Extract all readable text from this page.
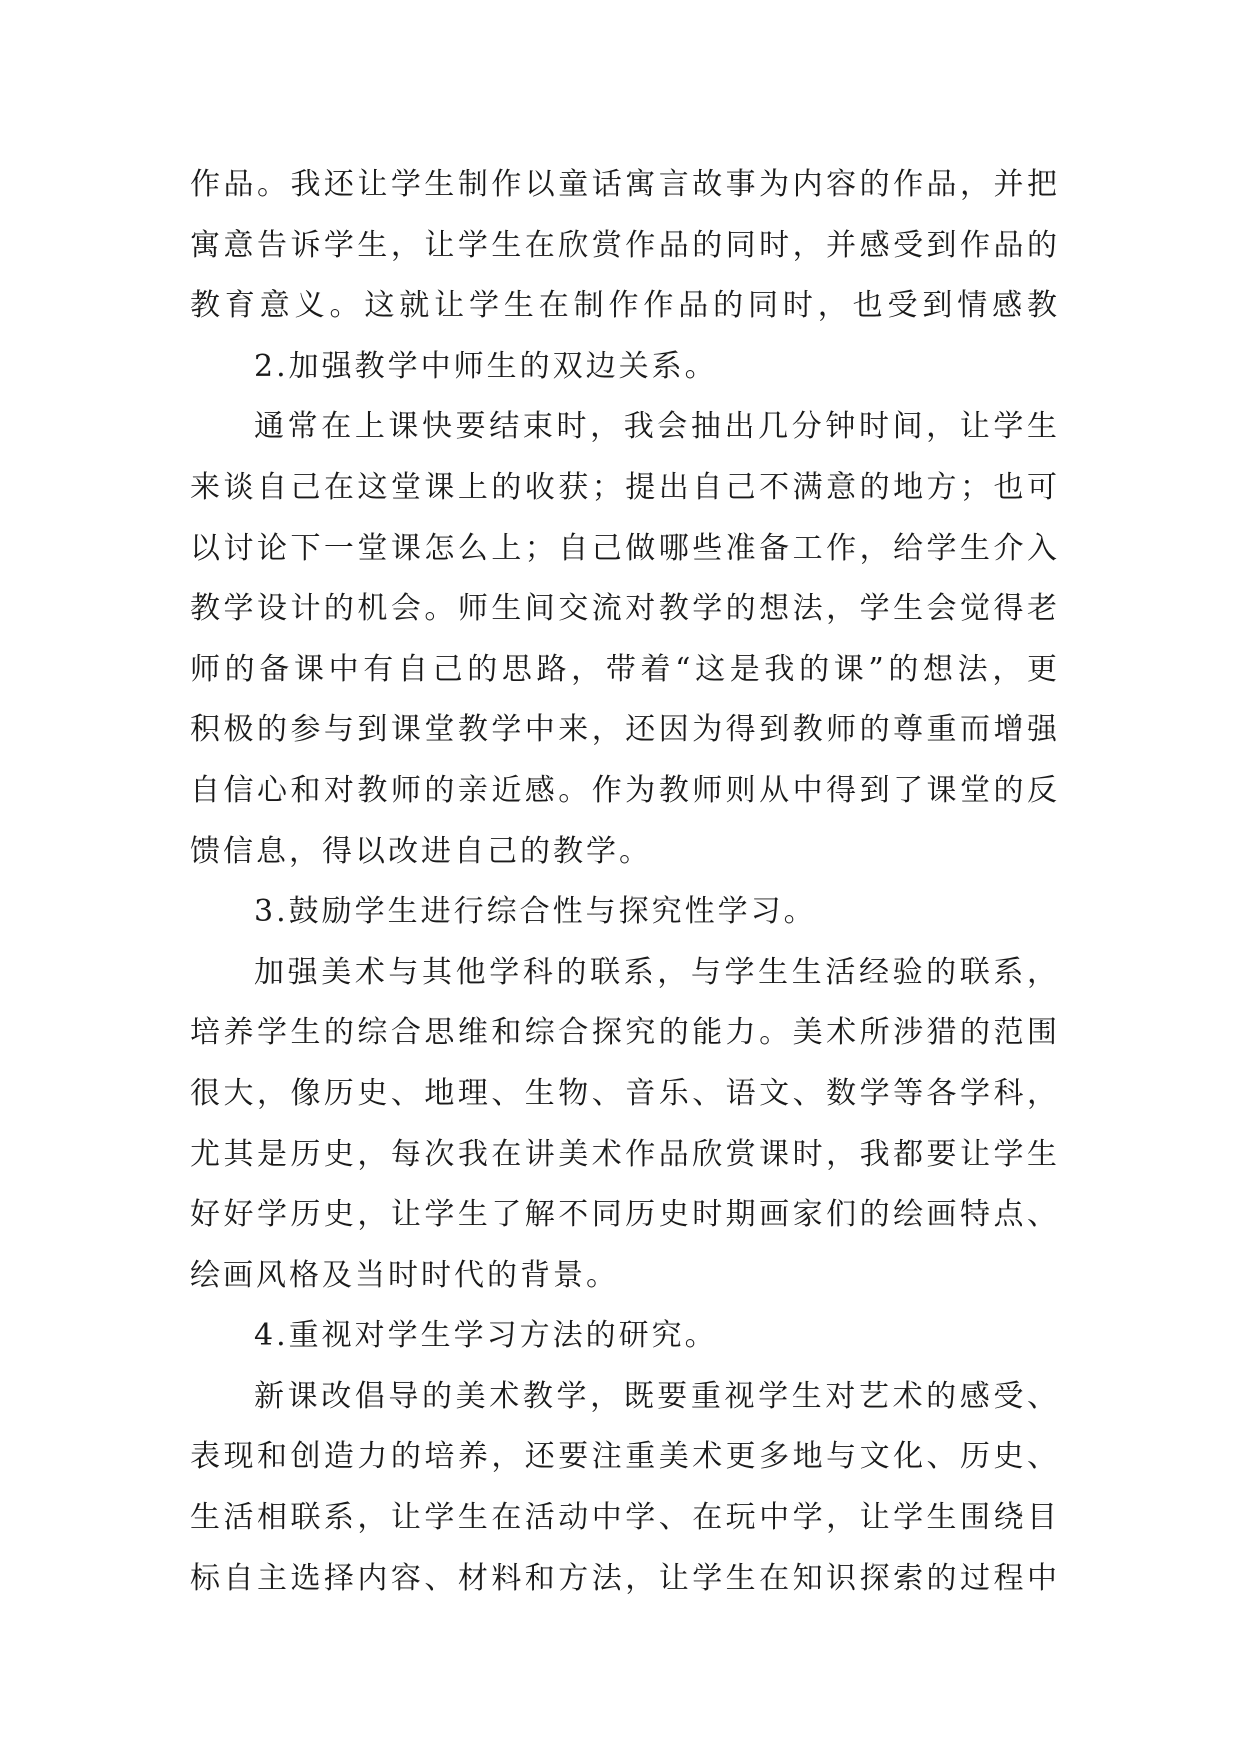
作品。我还让学生制作以童话寓言故事为内容的作品，并把
寓意告诉学生，让学生在欣赏作品的同时，并感受到作品的
教育意义。这就让学生在制作作品的同时，也受到情感教
2.加强教学中师生的双边关系。
通常在上课快要结束时，我会抽出几分钟时间，让学生
来谈自己在这堂课上的收获；提出自己不满意的地方；也可
以讨论下一堂课怎么上；自己做哪些准备工作，给学生介入
教学设计的机会。师生间交流对教学的想法，学生会觉得老
师的备课中有自己的思路，带着“这是我的课”的想法，更
积极的参与到课堂教学中来，还因为得到教师的尊重而增强
自信心和对教师的亲近感。作为教师则从中得到了课堂的反
馈信息，得以改进自己的教学。
3.鼓励学生进行综合性与探究性学习。
加强美术与其他学科的联系，与学生生活经验的联系，
培养学生的综合思维和综合探究的能力。美术所涉猎的范围
很大，像历史、地理、生物、音乐、语文、数学等各学科，
尤其是历史，每次我在讲美术作品欣赏课时，我都要让学生
好好学历史，让学生了解不同历史时期画家们的绘画特点、
绘画风格及当时时代的背景。
4.重视对学生学习方法的研究。
新课改倡导的美术教学，既要重视学生对艺术的感受、
表现和创造力的培养，还要注重美术更多地与文化、历史、
生活相联系，让学生在活动中学、在玩中学，让学生围绕目
标自主选择内容、材料和方法，让学生在知识探索的过程中
